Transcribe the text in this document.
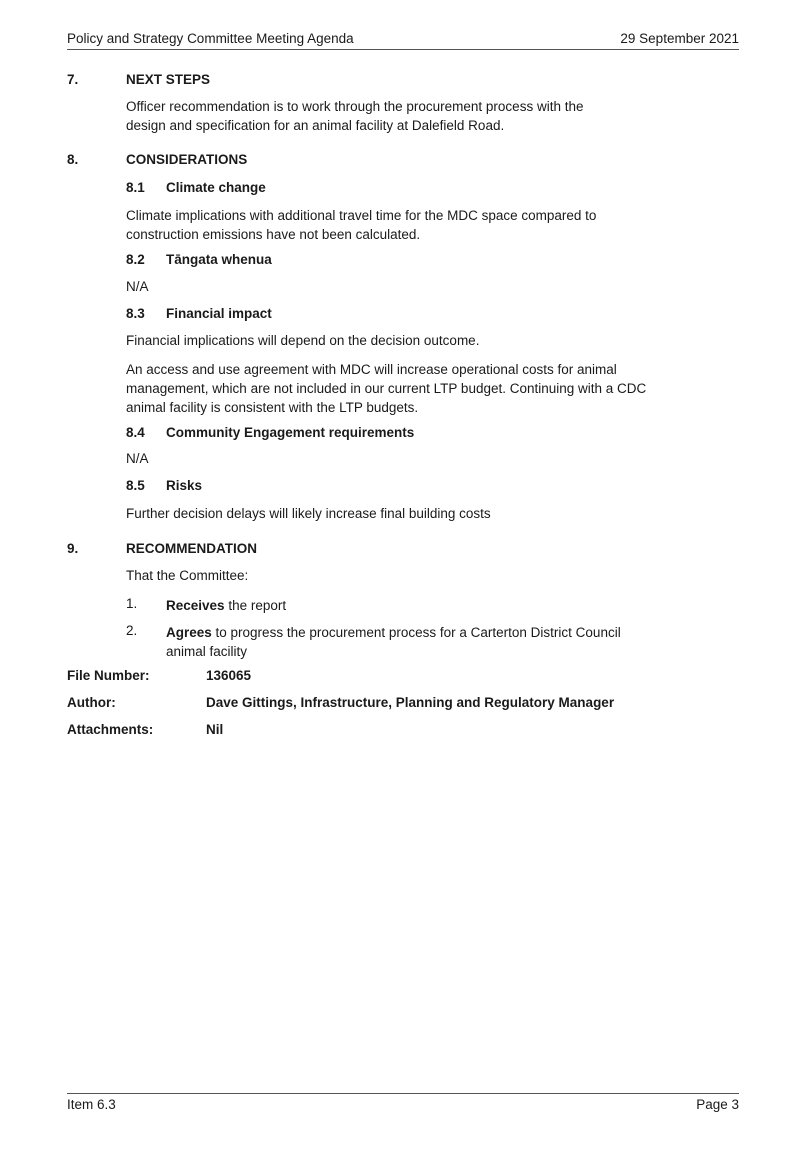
Policy and Strategy Committee Meeting Agenda	29 September 2021
7.	NEXT STEPS
Officer recommendation is to work through the procurement process with the design and specification for an animal facility at Dalefield Road.
8.	CONSIDERATIONS
8.1 Climate change
Climate implications with additional travel time for the MDC space compared to construction emissions have not been calculated.
8.2 Tāngata whenua
N/A
8.3 Financial impact
Financial implications will depend on the decision outcome.
An access and use agreement with MDC will increase operational costs for animal management, which are not included in our current LTP budget. Continuing with a CDC animal facility is consistent with the LTP budgets.
8.4 Community Engagement requirements
N/A
8.5 Risks
Further decision delays will likely increase final building costs
9.	RECOMMENDATION
That the Committee:
1. Receives the report
2. Agrees to progress the procurement process for a Carterton District Council animal facility
File Number:	136065
Author:	Dave Gittings, Infrastructure, Planning and Regulatory Manager
Attachments:	Nil
Item 6.3	Page 3
